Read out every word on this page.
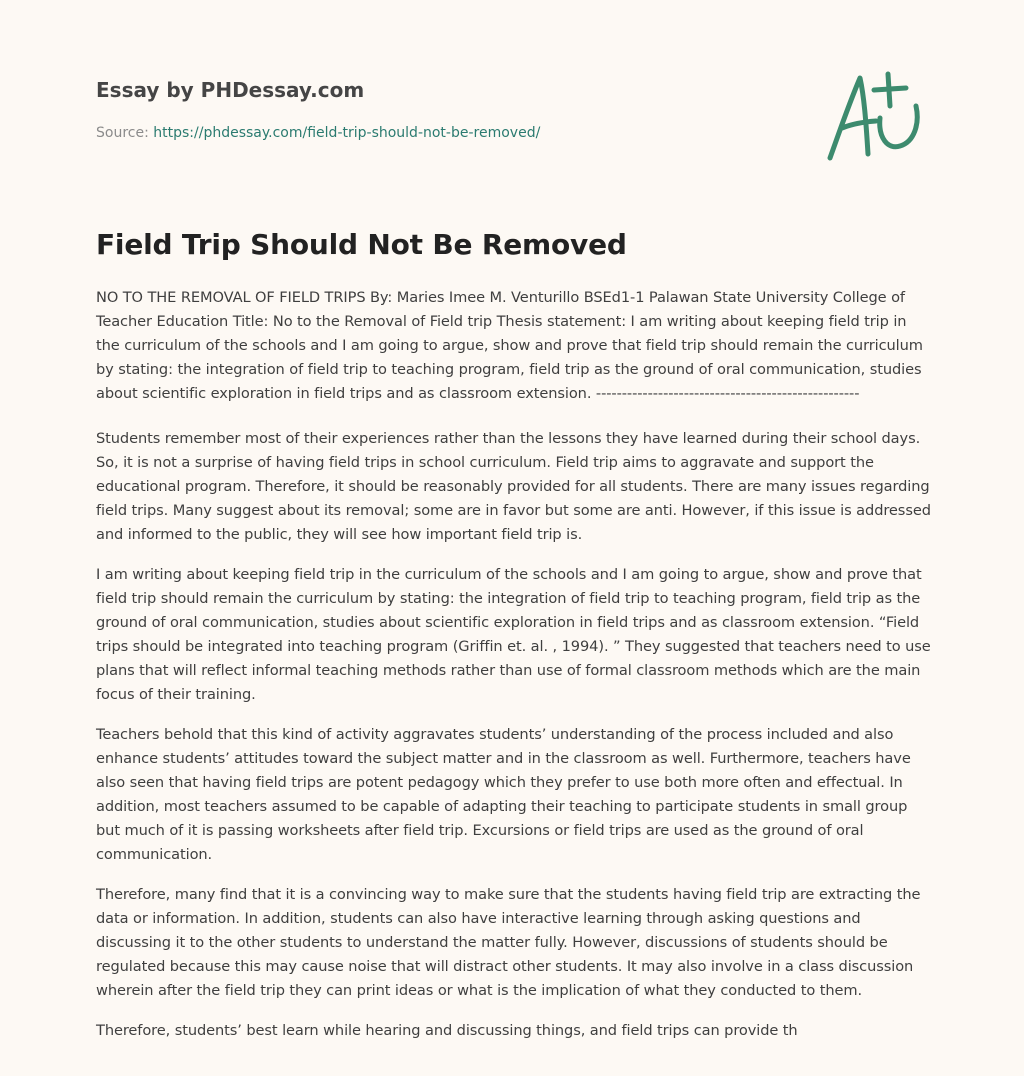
Essay by PHDessay.com
Source: https://phdessay.com/field-trip-should-not-be-removed/
Field Trip Should Not Be Removed

NO TO THE REMOVAL OF FIELD TRIPS By: Maries Imee M. Venturillo BSEd1-1 Palawan State University College of Teacher Education Title: No to the Removal of Field trip Thesis statement: I am writing about keeping field trip in the curriculum of the schools and I am going to argue, show and prove that field trip should remain the curriculum by stating: the integration of field trip to teaching program, field trip as the ground of oral communication, studies about scientific exploration in field trips and as classroom extension. ---------------------------------------------------

Students remember most of their experiences rather than the lessons they have learned during their school days. So, it is not a surprise of having field trips in school curriculum. Field trip aims to aggravate and support the educational program. Therefore, it should be reasonably provided for all students. There are many issues regarding field trips. Many suggest about its removal; some are in favor but some are anti. However, if this issue is addressed and informed to the public, they will see how important field trip is.

I am writing about keeping field trip in the curriculum of the schools and I am going to argue, show and prove that field trip should remain the curriculum by stating: the integration of field trip to teaching program, field trip as the ground of oral communication, studies about scientific exploration in field trips and as classroom extension. “Field trips should be integrated into teaching program (Griffin et. al. , 1994). ” They suggested that teachers need to use plans that will reflect informal teaching methods rather than use of formal classroom methods which are the main focus of their training.

Teachers behold that this kind of activity aggravates students’ understanding of the process included and also enhance students’ attitudes toward the subject matter and in the classroom as well. Furthermore, teachers have also seen that having field trips are potent pedagogy which they prefer to use both more often and effectual. In addition, most teachers assumed to be capable of adapting their teaching to participate students in small group but much of it is passing worksheets after field trip. Excursions or field trips are used as the ground of oral communication.

Therefore, many find that it is a convincing way to make sure that the students having field trip are extracting the data or information. In addition, students can also have interactive learning through asking questions and discussing it to the other students to understand the matter fully. However, discussions of students should be regulated because this may cause noise that will distract other students. It may also involve in a class discussion wherein after the field trip they can print ideas or what is the implication of what they conducted to them.

Therefore, students’ best learn while hearing and discussing things, and field trips can provide th
